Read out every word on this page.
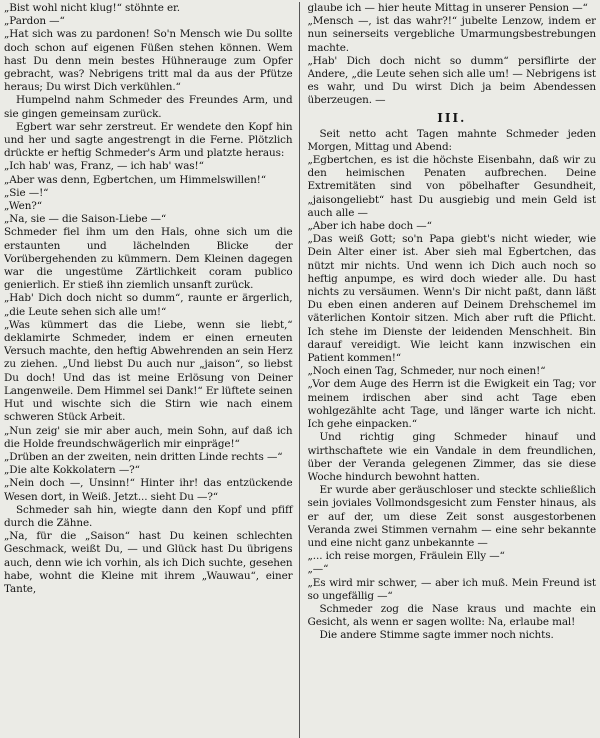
„Bist wohl nicht klug!“ stöhnte er.

„Pardon —“

„Hat sich was zu pardonen! So'n Mensch wie Du sollte doch schon auf eigenen Füßen stehen können. Wem hast Du denn mein bestes Hühnerauge zum Opfer gebracht, was? Nebrigens tritt mal da aus der Pfütze heraus; Du wirst Dich verkühlen.“

Humpelnd nahm Schmeder des Freundes Arm, und sie gingen gemeinsam zurück.

Egbert war sehr zerstreut. Er wendete den Kopf hin und her und sagte angestrengt in die Ferne. Plötzlich drückte er heftig Schmeder's Arm und platzte heraus:

„Ich hab' was, Franz, — ich hab' was!“

„Aber was denn, Egbertchen, um Himmelswillen!“

„Sie —!“

„Wen?“

„Na, sie — die Saison-Liebe —“

Schmeder fiel ihm um den Hals, ohne sich um die erstaunten und lächelnden Blicke der Vorübergehenden zu kümmern. Dem Kleinen dagegen war die ungestüme Zärtlichkeit coram publico genierlich. Er stieß ihn ziemlich unsanft zurück.

„Hab' Dich doch nicht so dumm“, raunte er ärgerlich, „die Leute sehen sich alle um!“

„Was kümmert das die Liebe, wenn sie liebt,“ deklamirte Schmeder, indem er einen erneuten Versuch machte, den heftig Abwehrenden an sein Herz zu ziehen. „Und liebst Du auch nur „jaison“, so liebst Du doch! Und das ist meine Erlösung von Deiner Langenweile. Dem Himmel sei Dank!“ Er lüftete seinen Hut und wischte sich die Stirn wie nach einem schweren Stück Arbeit.

„Nun zeig' sie mir aber auch, mein Sohn, auf daß ich die Holde freundschwägerlich mir einpräge!“

„Drüben an der zweiten, nein dritten Linde rechts —“

„Die alte Kokkolatern —?“

„Nein doch —, Unsinn!“ Hinter ihr! das entzückende Wesen dort, in Weiß. Jetzt... sieht Du —?“

Schmeder sah hin, wiegte dann den Kopf und pfiff durch die Zähne.

„Na, für die „Saison“ hast Du keinen schlechten Geschmack, weißt Du, — und Glück hast Du übrigens auch, denn wie ich vorhin, als ich Dich suchte, gesehen habe, wohnt die Kleine mit ihrem „Wauwau“, einer Tante,

glaube ich — hier heute Mittag in unserer Pension —“

„Mensch —, ist das wahr?!“ jubelte Lenzow, indem er nun seinerseits vergebliche Umarmungsbestrebungen machte.

„Hab' Dich doch nicht so dumm“ persiflirte der Andere, „die Leute sehen sich alle um! — Nebrigens ist es wahr, und Du wirst Dich ja beim Abendessen überzeugen. —

III.

Seit netto acht Tagen mahnte Schmeder jeden Morgen, Mittag und Abend:

„Egbertchen, es ist die höchste Eisenbahn, daß wir zu den heimischen Penaten aufbrechen. Deine Extremitäten sind von pöbelhafter Gesundheit, „jaisongeliebt“ hast Du ausgiebig und mein Geld ist auch alle —

„Aber ich habe doch —“

„Das weiß Gott; so'n Papa giebt's nicht wieder, wie Dein Alter einer ist. Aber sieh mal Egbertchen, das nützt mir nichts. Und wenn ich Dich auch noch so heftig anpumpe, es wird doch wieder alle. Du hast nichts zu versäumen. Wenn's Dir nicht paßt, dann läßt Du eben einen anderen auf Deinem Drehschemel im väterlichen Kontoir sitzen. Mich aber ruft die Pflicht. Ich stehe im Dienste der leidenden Menschheit. Bin darauf vereidigt. Wie leicht kann inzwischen ein Patient kommen!“

„Noch einen Tag, Schmeder, nur noch einen!“

„Vor dem Auge des Herrn ist die Ewigkeit ein Tag; vor meinem irdischen aber sind acht Tage eben wohlgezählte acht Tage, und länger warte ich nicht. Ich gehe einpacken.“

Und richtig ging Schmeder hinauf und wirthschaftete wie ein Vandale in dem freundlichen, über der Veranda gelegenen Zimmer, das sie diese Woche hindurch bewohnt hatten.

Er wurde aber geräuschloser und steckte schließlich sein joviales Vollmondsgesicht zum Fenster hinaus, als er auf der, um diese Zeit sonst ausgestorbenen Veranda zwei Stimmen vernahm — eine sehr bekannte und eine nicht ganz unbekannte —

„... ich reise morgen, Fräulein Elly —“

„—“

„Es wird mir schwer, — aber ich muß. Mein Freund ist so ungefällig —“

Schmeder zog die Nase kraus und machte ein Gesicht, als wenn er sagen wollte: Na, erlaube mal!

Die andere Stimme sagte immer noch nichts.
